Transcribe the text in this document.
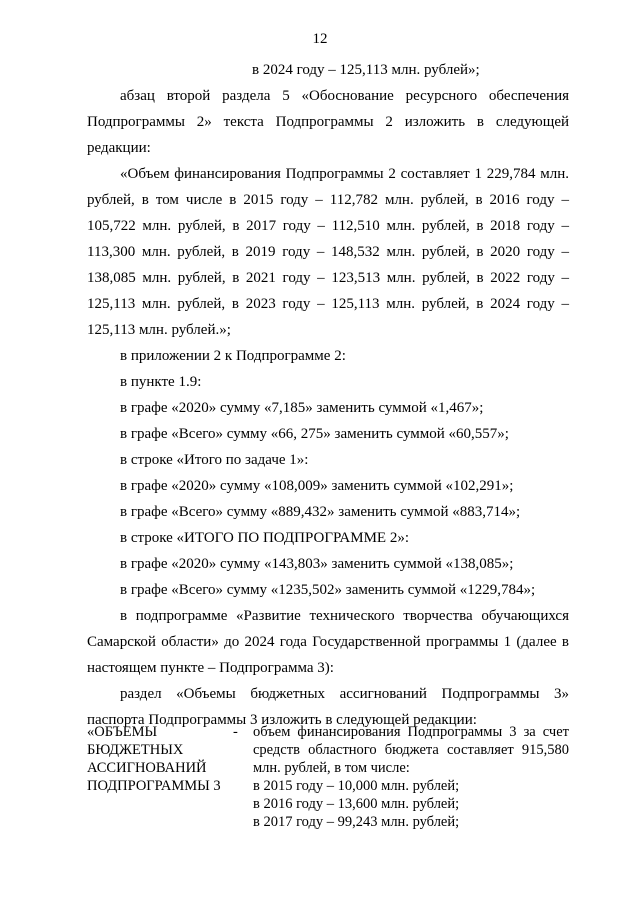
12

в 2024 году – 125,113 млн. рублей»;

абзац второй раздела 5 «Обоснование ресурсного обеспечения Подпрограммы 2» текста Подпрограммы 2 изложить в следующей редакции:

«Объем финансирования Подпрограммы 2 составляет 1 229,784 млн. рублей, в том числе в 2015 году – 112,782 млн. рублей, в 2016 году – 105,722 млн. рублей, в 2017 году – 112,510 млн. рублей, в 2018 году – 113,300 млн. рублей, в 2019 году – 148,532 млн. рублей, в 2020 году – 138,085 млн. рублей, в 2021 году – 123,513 млн. рублей, в 2022 году – 125,113 млн. рублей, в 2023 году – 125,113 млн. рублей, в 2024 году – 125,113 млн. рублей.»;

в приложении 2 к Подпрограмме 2:

в пункте 1.9:

в графе «2020» сумму «7,185» заменить суммой «1,467»;

в графе «Всего» сумму «66, 275» заменить суммой «60,557»;

в строке «Итого по задаче 1»:

в графе «2020» сумму «108,009» заменить суммой «102,291»;

в графе «Всего» сумму «889,432» заменить суммой «883,714»;

в строке «ИТОГО ПО ПОДПРОГРАММЕ 2»:

в графе «2020» сумму «143,803» заменить суммой «138,085»;

в графе «Всего» сумму «1235,502» заменить суммой «1229,784»;

в подпрограмме «Развитие технического творчества обучающихся Самарской области» до 2024 года Государственной программы 1 (далее в настоящем пункте – Подпрограмма 3):

раздел «Объемы бюджетных ассигнований Подпрограммы 3» паспорта Подпрограммы 3 изложить в следующей редакции:

«ОБЪЕМЫ
БЮДЖЕТНЫХ
АССИГНОВАНИЙ
ПОДПРОГРАММЫ 3
- объем финансирования Подпрограммы 3 за счет средств областного бюджета составляет 915,580 млн. рублей, в том числе:

в 2015 году – 10,000 млн. рублей;
в 2016 году – 13,600 млн. рублей;
в 2017 году – 99,243 млн. рублей;
